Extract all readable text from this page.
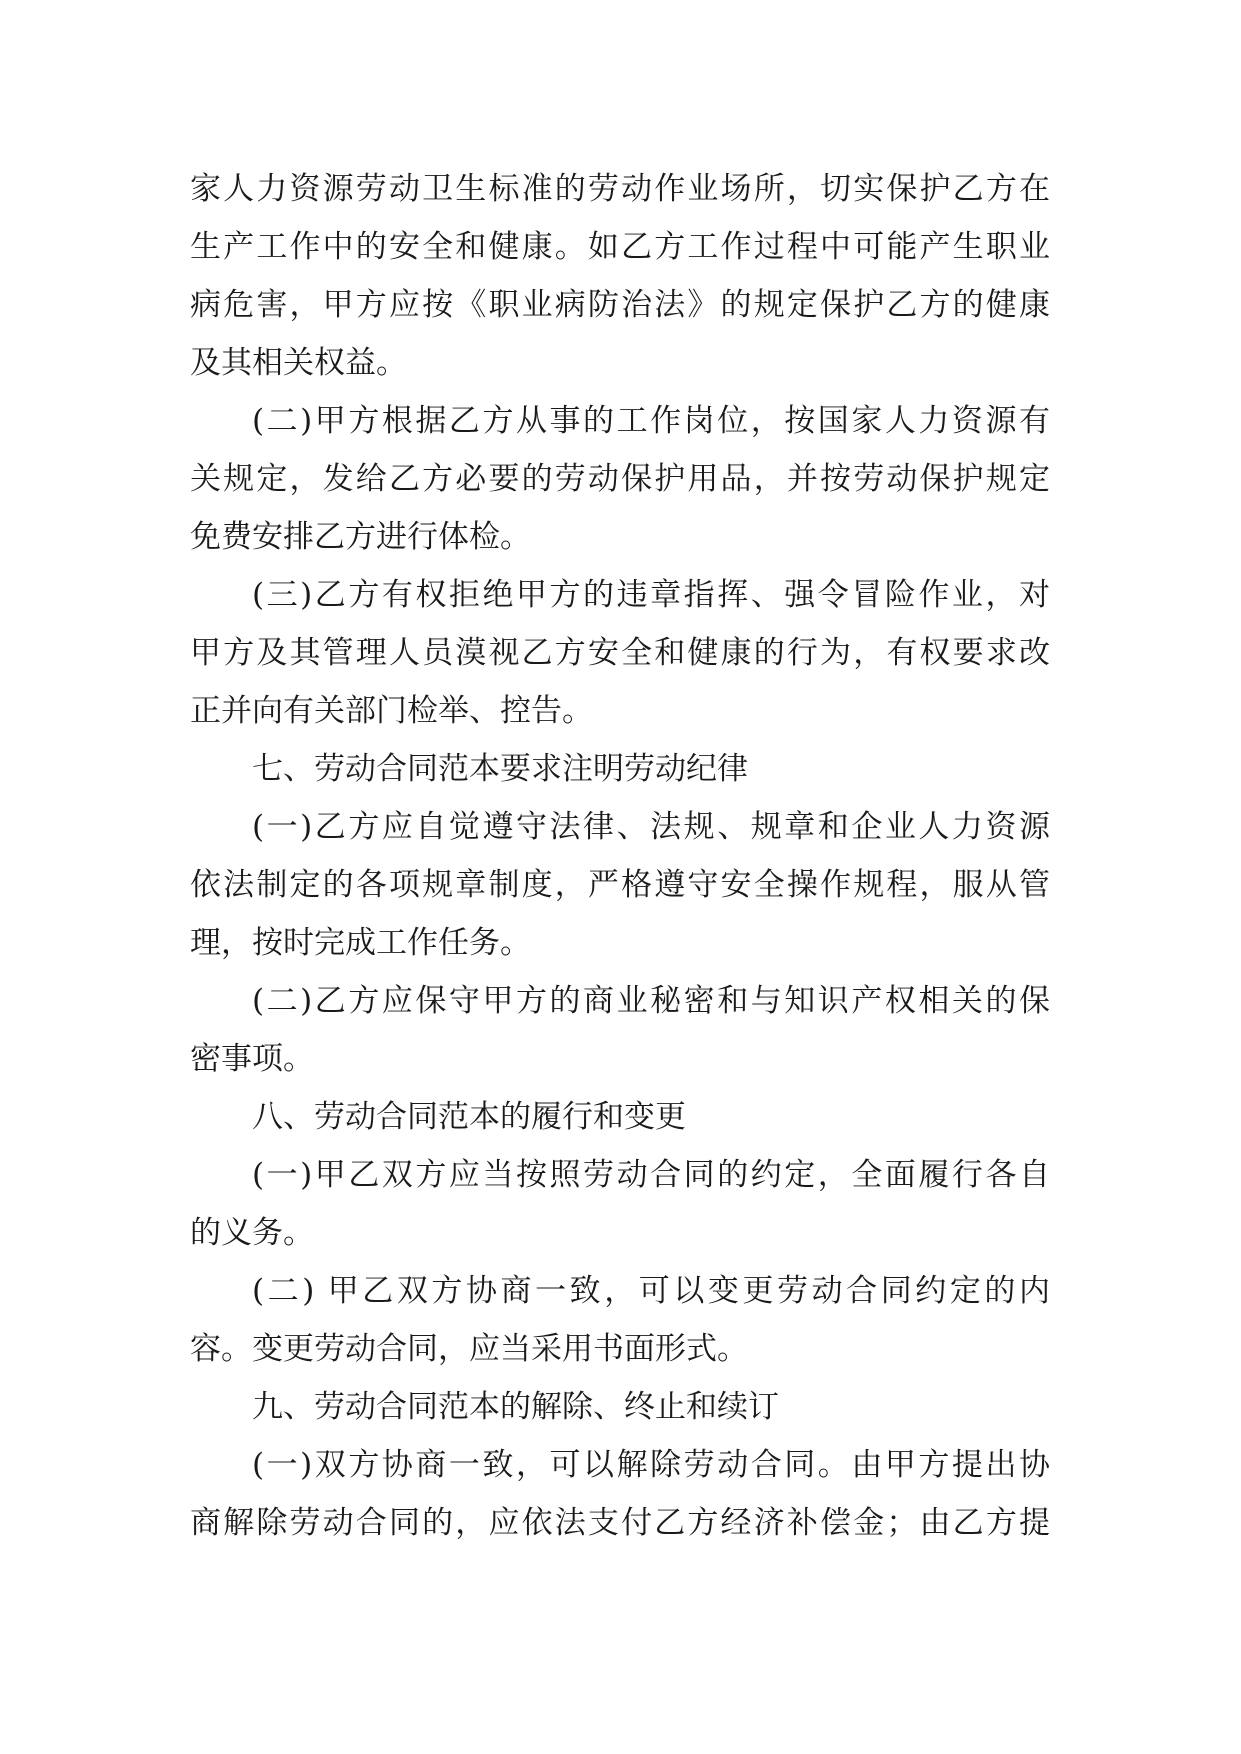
家人力资源劳动卫生标准的劳动作业场所，切实保护乙方在
生产工作中的安全和健康。如乙方工作过程中可能产生职业
病危害，甲方应按《职业病防治法》的规定保护乙方的健康
及其相关权益。
(二)甲方根据乙方从事的工作岗位，按国家人力资源有
关规定，发给乙方必要的劳动保护用品，并按劳动保护规定
免费安排乙方进行体检。
(三)乙方有权拒绝甲方的违章指挥、强令冒险作业，对
甲方及其管理人员漠视乙方安全和健康的行为，有权要求改
正并向有关部门检举、控告。
七、劳动合同范本要求注明劳动纪律
(一)乙方应自觉遵守法律、法规、规章和企业人力资源
依法制定的各项规章制度，严格遵守安全操作规程，服从管
理，按时完成工作任务。
(二)乙方应保守甲方的商业秘密和与知识产权相关的保
密事项。
八、劳动合同范本的履行和变更
(一)甲乙双方应当按照劳动合同的约定，全面履行各自
的义务。
(二) 甲乙双方协商一致，可以变更劳动合同约定的内
容。变更劳动合同，应当采用书面形式。
九、劳动合同范本的解除、终止和续订
(一)双方协商一致，可以解除劳动合同。由甲方提出协
商解除劳动合同的，应依法支付乙方经济补偿金；由乙方提
